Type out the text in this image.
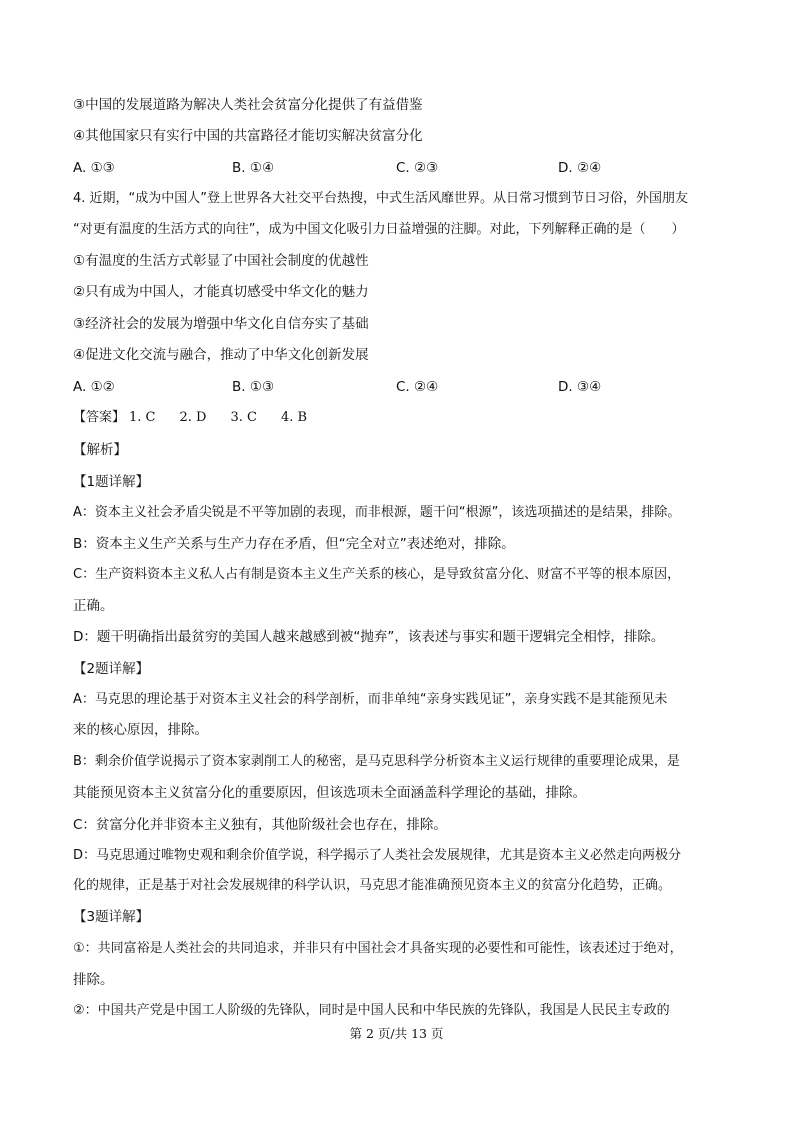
③中国的发展道路为解决人类社会贫富分化提供了有益借鉴
④其他国家只有实行中国的共富路径才能切实解决贫富分化
A. ①③	B. ①④	C. ②③	D. ②④
4. 近期，“成为中国人”登上世界各大社交平台热搜，中式生活风靡世界。从日常习惯到节日习俗，外国朋友
“对更有温度的生活方式的向往”，成为中国文化吸引力日益增强的注脚。对此，下列解释正确的是（　　）
①有温度的生活方式彰显了中国社会制度的优越性
②只有成为中国人，才能真切感受中华文化的魅力
③经济社会的发展为增强中华文化自信夯实了基础
④促进文化交流与融合，推动了中华文化创新发展
A. ①②	B. ①③	C. ②④	D. ③④
【答案】 1. C 2. D 3. C 4. B
【解析】
【1题详解】
A：资本主义社会矛盾尖锐是不平等加剧的表现，而非根源，题干问“根源”，该选项描述的是结果，排除。
B：资本主义生产关系与生产力存在矛盾，但“完全对立”表述绝对，排除。
C：生产资料资本主义私人占有制是资本主义生产关系的核心，是导致贫富分化、财富不平等的根本原因，
正确。
D：题干明确指出最贫穷的美国人越来越感到被“抛弃”，该表述与事实和题干逻辑完全相悖，排除。
【2题详解】
A：马克思的理论基于对资本主义社会的科学剖析，而非单纯“亲身实践见证”，亲身实践不是其能预见未
来的核心原因，排除。
B：剩余价值学说揭示了资本家剥削工人的秘密，是马克思科学分析资本主义运行规律的重要理论成果，是
其能预见资本主义贫富分化的重要原因，但该选项未全面涵盖科学理论的基础，排除。
C：贫富分化并非资本主义独有，其他阶级社会也存在，排除。
D：马克思通过唯物史观和剩余价值学说，科学揭示了人类社会发展规律，尤其是资本主义必然走向两极分
化的规律，正是基于对社会发展规律的科学认识，马克思才能准确预见资本主义的贫富分化趋势，正确。
【3题详解】
①：共同富裕是人类社会的共同追求，并非只有中国社会才具备实现的必要性和可能性，该表述过于绝对，
排除。
②：中国共产党是中国工人阶级的先锋队，同时是中国人民和中华民族的先锋队，我国是人民民主专政的
第 2 页/共 13 页
